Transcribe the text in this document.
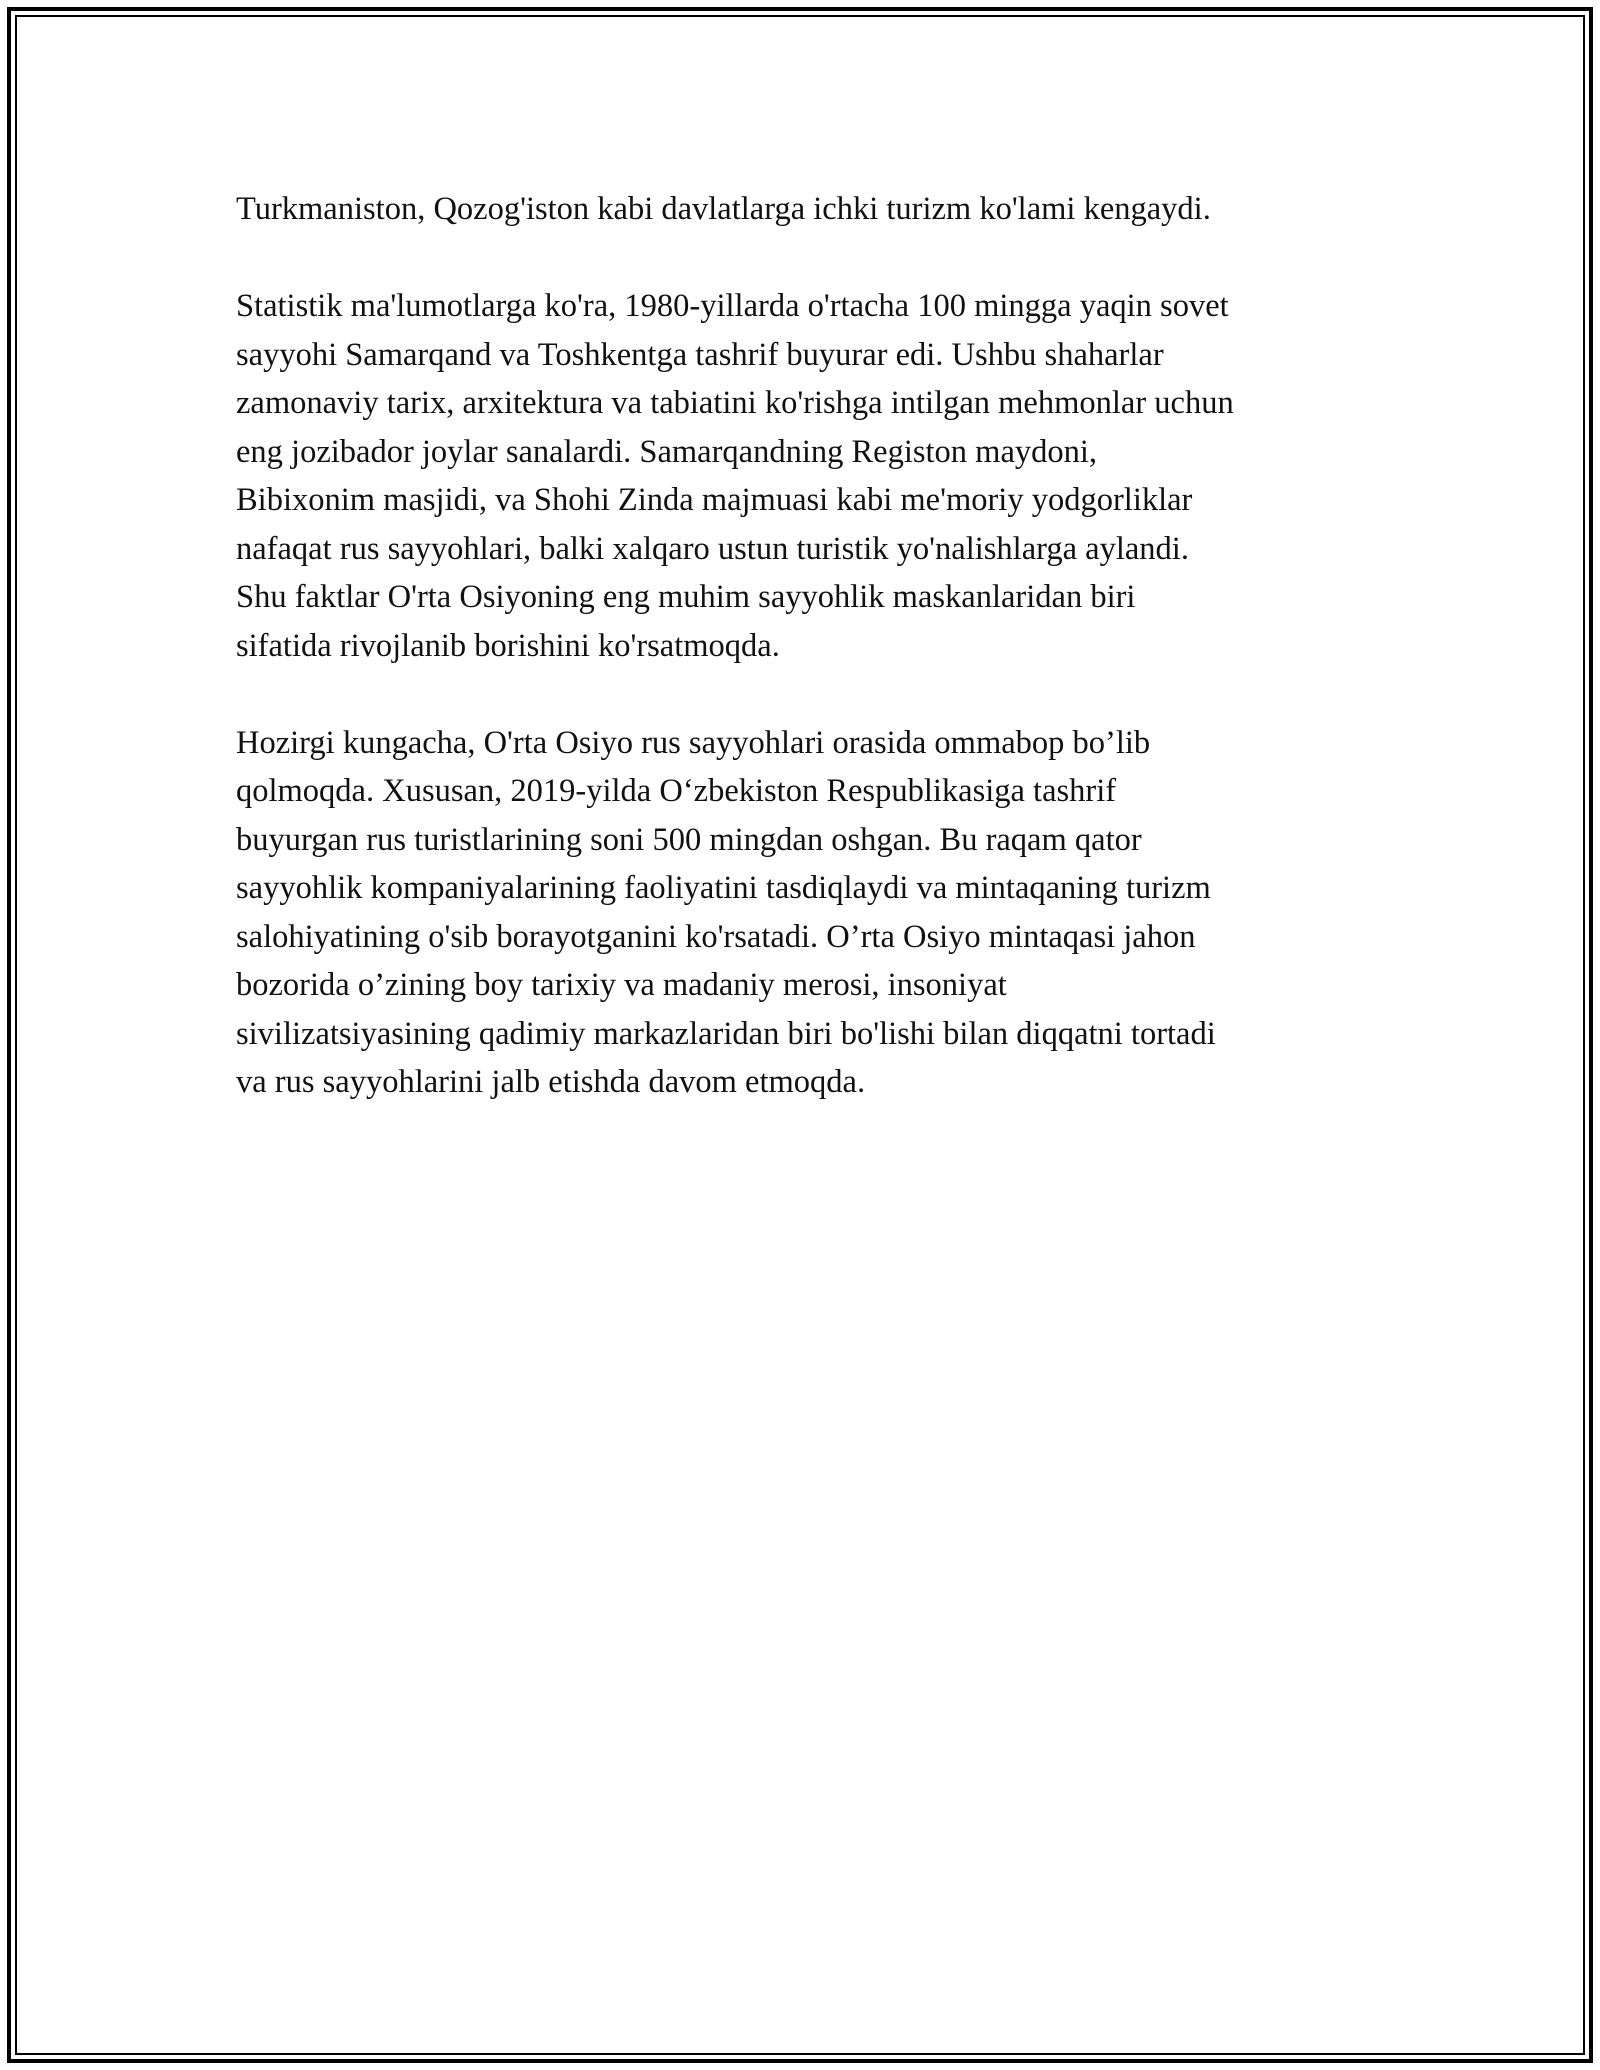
Turkmaniston, Qozog'iston kabi davlatlarga ichki turizm ko'lami kengaydi.

Statistik ma'lumotlarga ko'ra, 1980-yillarda o'rtacha 100 mingga yaqin sovet
sayyohi Samarqand va Toshkentga tashrif buyurar edi. Ushbu shaharlar
zamonaviy tarix, arxitektura va tabiatini ko'rishga intilgan mehmonlar uchun
eng jozibador joylar sanalardi. Samarqandning Registon maydoni,
Bibixonim masjidi, va Shohi Zinda majmuasi kabi me'moriy yodgorliklar
nafaqat rus sayyohlari, balki xalqaro ustun turistik yo'nalishlarga aylandi.
Shu faktlar O'rta Osiyoning eng muhim sayyohlik maskanlaridan biri
sifatida rivojlanib borishini ko'rsatmoqda.

Hozirgi kungacha, O'rta Osiyo rus sayyohlari orasida ommabop bo’lib
qolmoqda. Xususan, 2019-yilda O‘zbekiston Respublikasiga tashrif
buyurgan rus turistlarining soni 500 mingdan oshgan. Bu raqam qator
sayyohlik kompaniyalarining faoliyatini tasdiqlaydi va mintaqaning turizm
salohiyatining o'sib borayotganini ko'rsatadi. O’rta Osiyo mintaqasi jahon
bozorida o’zining boy tarixiy va madaniy merosi, insoniyat
sivilizatsiyasining qadimiy markazlaridan biri bo'lishi bilan diqqatni tortadi
va rus sayyohlarini jalb etishda davom etmoqda.
